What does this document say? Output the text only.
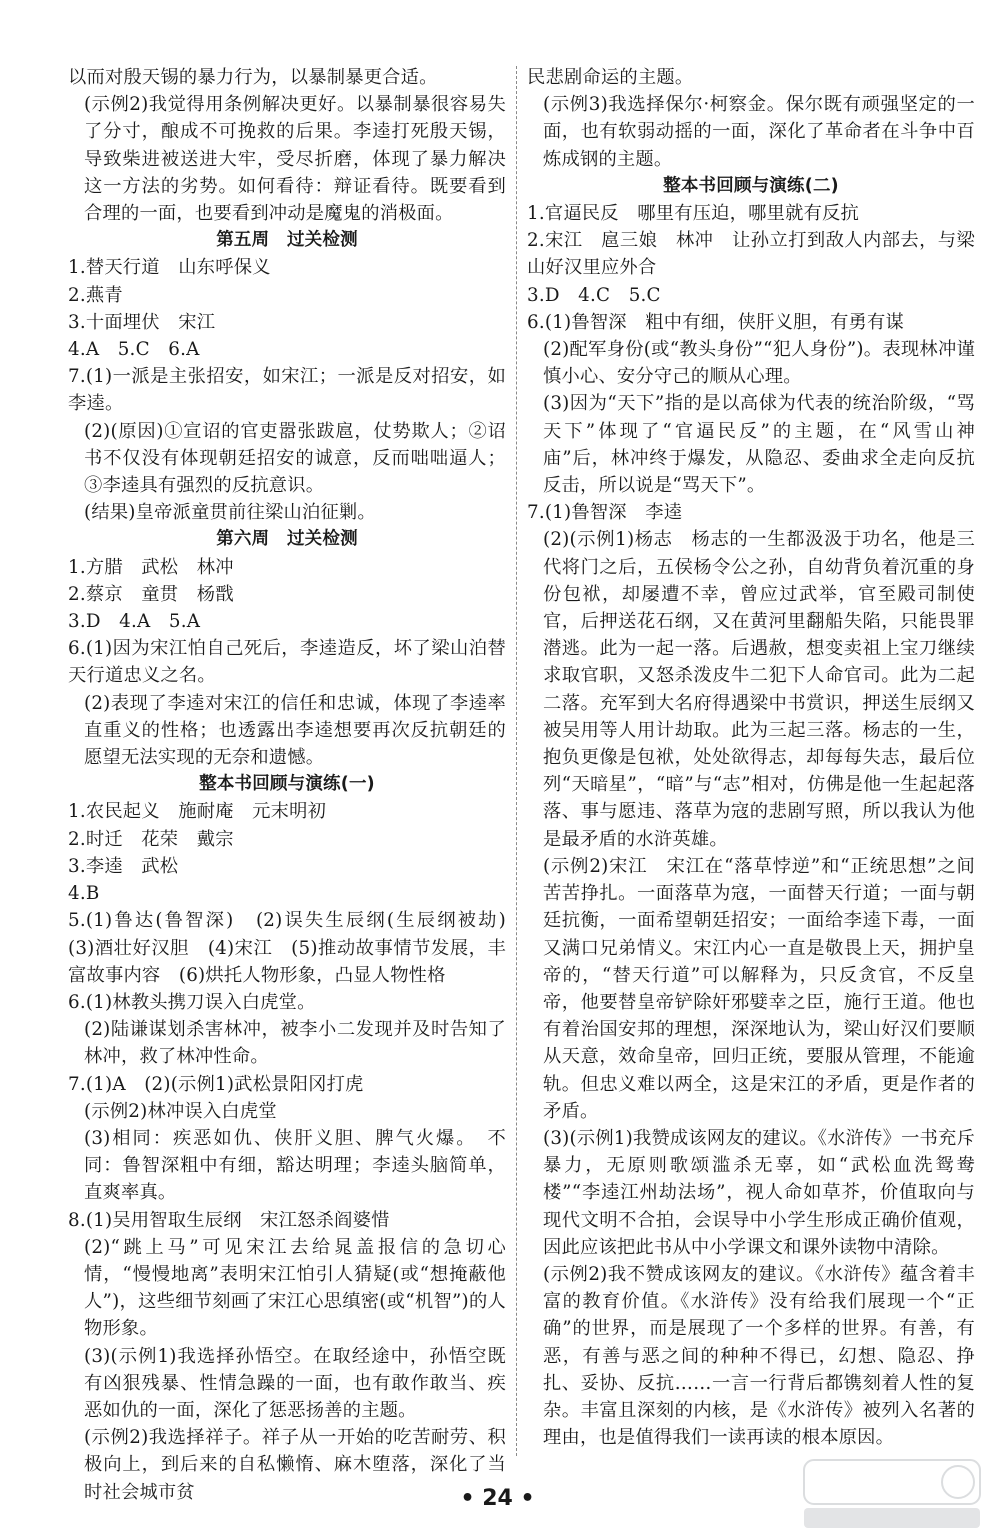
以而对殷天锡的暴力行为，以暴制暴更合适。
(示例2)我觉得用条例解决更好。以暴制暴很容易失了分寸，酿成不可挽救的后果。李逵打死殷天锡，导致柴进被送进大牢，受尽折磨，体现了暴力解决这一方法的劣势。如何看待：辩证看待。既要看到合理的一面，也要看到冲动是魔鬼的消极面。
第五周　过关检测
1.替天行道　山东呼保义
2.燕青
3.十面埋伏　宋江
4.A　5.C　6.A
7.(1)一派是主张招安，如宋江；一派是反对招安，如李逵。
(2)(原因)①宣诏的官吏嚣张跋扈，仗势欺人；②诏书不仅没有体现朝廷招安的诚意，反而咄咄逼人；③李逵具有强烈的反抗意识。
(结果)皇帝派童贯前往梁山泊征剿。
第六周　过关检测
1.方腊　武松　林冲
2.蔡京　童贯　杨戬
3.D　4.A　5.A
6.(1)因为宋江怕自己死后，李逵造反，坏了梁山泊替天行道忠义之名。
(2)表现了李逵对宋江的信任和忠诚，体现了李逵率直重义的性格；也透露出李逵想要再次反抗朝廷的愿望无法实现的无奈和遗憾。
整本书回顾与演练(一)
1.农民起义　施耐庵　元末明初
2.时迁　花荣　戴宗
3.李逵　武松
4.B
5.(1)鲁达(鲁智深)　(2)误失生辰纲(生辰纲被劫)　(3)酒壮好汉胆　(4)宋江　(5)推动故事情节发展，丰富故事内容　(6)烘托人物形象，凸显人物性格
6.(1)林教头携刀误入白虎堂。
(2)陆谦谋划杀害林冲，被李小二发现并及时告知了林冲，救了林冲性命。
7.(1)A　(2)(示例1)武松景阳冈打虎
(示例2)林冲误入白虎堂
(3)相同：疾恶如仇、侠肝义胆、脾气火爆。　不同：鲁智深粗中有细，豁达明理；李逵头脑简单，直爽率真。
8.(1)吴用智取生辰纲　宋江怒杀阎婆惜
(2)“跳上马”可见宋江去给晁盖报信的急切心情，“慢慢地离”表明宋江怕引人猜疑(或“想掩蔽他人”)，这些细节刻画了宋江心思缜密(或“机智”)的人物形象。
(3)(示例1)我选择孙悟空。在取经途中，孙悟空既有凶狠残暴、性情急躁的一面，也有敢作敢当、疾恶如仇的一面，深化了惩恶扬善的主题。
(示例2)我选择祥子。祥子从一开始的吃苦耐劳、积极向上，到后来的自私懒惰、麻木堕落，深化了当时社会城市贫
民悲剧命运的主题。
(示例3)我选择保尔·柯察金。保尔既有顽强坚定的一面，也有软弱动摇的一面，深化了革命者在斗争中百炼成钢的主题。
整本书回顾与演练(二)
1.官逼民反　哪里有压迫，哪里就有反抗
2.宋江　扈三娘　林冲　让孙立打到敌人内部去，与梁山好汉里应外合
3.D　4.C　5.C
6.(1)鲁智深　粗中有细，侠肝义胆，有勇有谋
(2)配军身份(或“教头身份”“犯人身份”)。表现林冲谨慎小心、安分守己的顺从心理。
(3)因为“天下”指的是以高俅为代表的统治阶级，“骂天下”体现了“官逼民反”的主题，在“风雪山神庙”后，林冲终于爆发，从隐忍、委曲求全走向反抗反击，所以说是“骂天下”。
7.(1)鲁智深　李逵
(2)(示例1)杨志　杨志的一生都汲汲于功名，他是三代将门之后，五侯杨令公之孙，自幼背负着沉重的身份包袱，却屡遭不幸，曾应过武举，官至殿司制使官，后押送花石纲，又在黄河里翻船失陷，只能畏罪潜逃。此为一起一落。后遇赦，想变卖祖上宝刀继续求取官职，又怒杀泼皮牛二犯下人命官司。此为二起二落。充军到大名府得遇梁中书赏识，押送生辰纲又被吴用等人用计劫取。此为三起三落。杨志的一生，抱负更像是包袱，处处欲得志，却每每失志，最后位列“天暗星”，“暗”与“志”相对，仿佛是他一生起起落落、事与愿违、落草为寇的悲剧写照，所以我认为他是最矛盾的水浒英雄。
(示例2)宋江　宋江在“落草悖逆”和“正统思想”之间苦苦挣扎。一面落草为寇，一面替天行道；一面与朝廷抗衡，一面希望朝廷招安；一面给李逵下毒，一面又满口兄弟情义。宋江内心一直是敬畏上天，拥护皇帝的，“替天行道”可以解释为，只反贪官，不反皇帝，他要替皇帝铲除奸邪嬖幸之臣，施行王道。他也有着治国安邦的理想，深深地认为，梁山好汉们要顺从天意，效命皇帝，回归正统，要服从管理，不能逾轨。但忠义难以两全，这是宋江的矛盾，更是作者的矛盾。
(3)(示例1)我赞成该网友的建议。《水浒传》一书充斥暴力，无原则歌颂滥杀无辜，如“武松血洗鸳鸯楼”“李逵江州劫法场”，视人命如草芥，价值取向与现代文明不合拍，会误导中小学生形成正确价值观，因此应该把此书从中小学课文和课外读物中清除。
(示例2)我不赞成该网友的建议。《水浒传》蕴含着丰富的教育价值。《水浒传》没有给我们展现一个“正确”的世界，而是展现了一个多样的世界。有善，有恶，有善与恶之间的种种不得已，幻想、隐忍、挣扎、妥协、反抗……一言一行背后都镌刻着人性的复杂。丰富且深刻的内核，是《水浒传》被列入名著的理由，也是值得我们一读再读的根本原因。
• 24 •
